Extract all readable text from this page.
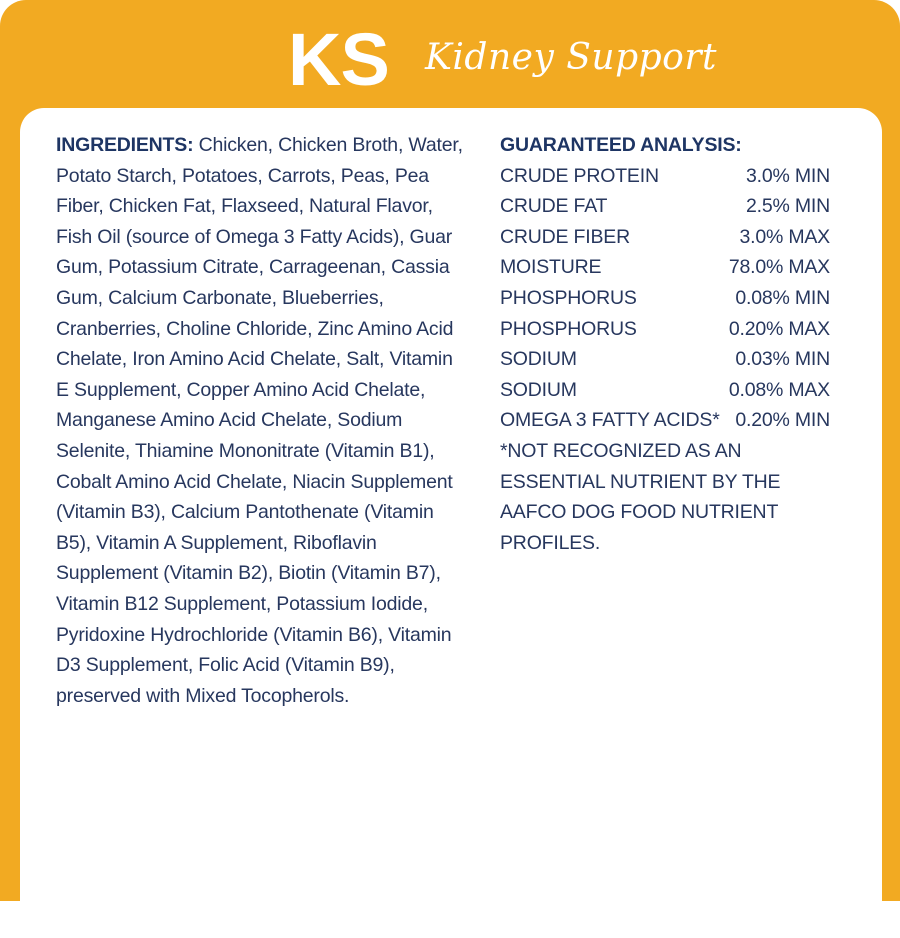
KS Kidney Support
INGREDIENTS: Chicken, Chicken Broth, Water, Potato Starch, Potatoes, Carrots, Peas, Pea Fiber, Chicken Fat, Flaxseed, Natural Flavor, Fish Oil (source of Omega 3 Fatty Acids), Guar Gum, Potassium Citrate, Carrageenan, Cassia Gum, Calcium Carbonate, Blueberries, Cranberries, Choline Chloride, Zinc Amino Acid Chelate, Iron Amino Acid Chelate, Salt, Vitamin E Supplement, Copper Amino Acid Chelate, Manganese Amino Acid Chelate, Sodium Selenite, Thiamine Mononitrate (Vitamin B1), Cobalt Amino Acid Chelate, Niacin Supplement (Vitamin B3), Calcium Pantothenate (Vitamin B5), Vitamin A Supplement, Riboflavin Supplement (Vitamin B2), Biotin (Vitamin B7), Vitamin B12 Supplement, Potassium Iodide, Pyridoxine Hydrochloride (Vitamin B6), Vitamin D3 Supplement, Folic Acid (Vitamin B9), preserved with Mixed Tocopherols.
GUARANTEED ANALYSIS:
CRUDE PROTEIN	3.0% MIN
CRUDE FAT	2.5% MIN
CRUDE FIBER	3.0% MAX
MOISTURE	78.0% MAX
PHOSPHORUS	0.08% MIN
PHOSPHORUS	0.20% MAX
SODIUM	0.03% MIN
SODIUM	0.08% MAX
OMEGA 3 FATTY ACIDS* 0.20% MIN
*NOT RECOGNIZED AS AN ESSENTIAL NUTRIENT BY THE AAFCO DOG FOOD NUTRIENT PROFILES.
